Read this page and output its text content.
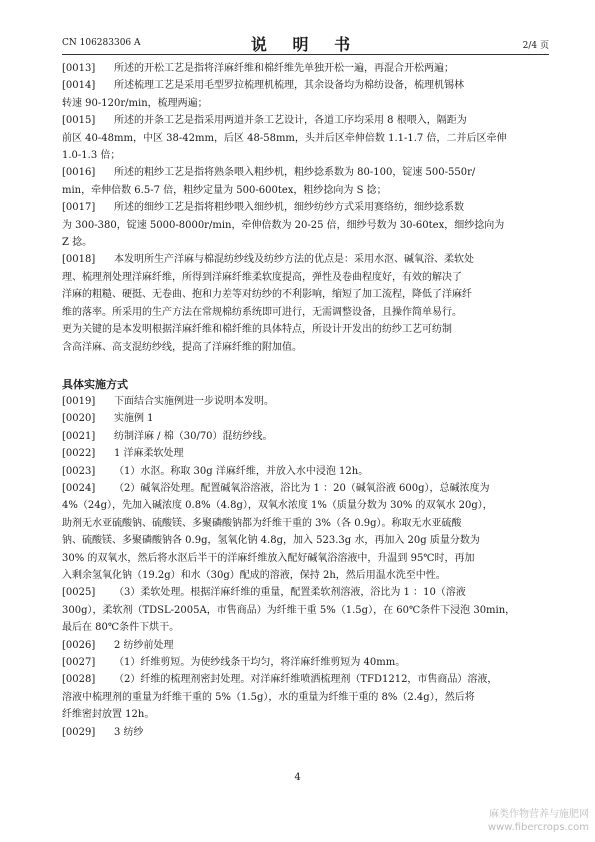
CN 106283306 A	说 明 书	2/4 页

[0013] 所述的开松工艺是指将洋麻纤维和棉纤维先单独开松一遍，再混合开松两遍；

[0014] 所述梳理工艺是采用毛型罗拉梳理机梳理，其余设备均为棉纺设备，梳理机锡林

转速 90-120r/min，梳理两遍；

[0015] 所述的并条工艺是指采用两道并条工艺设计，各道工序均采用 8 根喂入，隔距为

前区 40-48mm，中区 38-42mm，后区 48-58mm，头并后区牵伸倍数 1.1-1.7 倍，二并后区牵伸

1.0-1.3 倍；

[0016] 所述的粗纱工艺是指将熟条喂入粗纱机，粗纱捻系数为 80-100，锭速 500-550r/

min，牵伸倍数 6.5-7 倍，粗纱定量为 500-600tex，粗纱捻向为 S 捻；

[0017] 所述的细纱工艺是指将粗纱喂入细纱机，细纱纺纱方式采用赛络纺，细纱捻系数

为 300-380，锭速 5000-8000r/min，牵伸倍数为 20-25 倍，细纱号数为 30-60tex，细纱捻向为

Z 捻。

[0018] 本发明所生产洋麻与棉混纺纱线及纺纱方法的优点是：采用水沤、碱氧浴、柔软处

理、梳理剂处理洋麻纤维，所得到洋麻纤维柔软度提高，弹性及卷曲程度好，有效的解决了

洋麻的粗糙、硬挺、无卷曲、抱和力差等对纺纱的不利影响，缩短了加工流程，降低了洋麻纤

维的落率。所采用的生产方法在常规棉纺系统即可进行，无需调整设备，且操作简单易行。

更为关键的是本发明根据洋麻纤维和棉纤维的具体特点，所设计开发出的纺纱工艺可纺制

含高洋麻、高支混纺纱线，提高了洋麻纤维的附加值。

具体实施方式

[0019] 下面结合实施例进一步说明本发明。

[0020] 实施例 1

[0021] 纺制洋麻 / 棉（30/70）混纺纱线。

[0022] 1 洋麻柔软处理

[0023] （1）水沤。称取 30g 洋麻纤维，并放入水中浸泡 12h。

[0024] （2）碱氧浴处理。配置碱氧浴溶液，浴比为 1 ：20（碱氧浴液 600g），总碱浓度为

4%（24g），先加入碱浓度 0.8%（4.8g），双氧水浓度 1%（质量分数为 30% 的双氧水 20g），

助剂无水亚硫酸钠、硫酸镁、多聚磷酸钠都为纤维干重的 3%（各 0.9g）。称取无水亚硫酸

钠、硫酸镁、多聚磷酸钠各 0.9g，氢氧化钠 4.8g，加入 523.3g 水，再加入 20g 质量分数为

30% 的双氧水，然后将水沤后半干的洋麻纤维放入配好碱氧浴溶液中，升温到 95℃时，再加

入剩余氢氧化钠（19.2g）和水（30g）配成的溶液，保持 2h，然后用温水洗至中性。

[0025] （3）柔软处理。根据洋麻纤维的重量，配置柔软剂溶液，浴比为 1 ：10（溶液

300g），柔软剂（TDSL-2005A，市售商品）为纤维干重 5%（1.5g），在 60℃条件下浸泡 30min，

最后在 80℃条件下烘干。

[0026] 2 纺纱前处理

[0027] （1）纤维剪短。为使纱线条干均匀，将洋麻纤维剪短为 40mm。

[0028] （2）纤维的梳理剂密封处理。对洋麻纤维喷洒梳理剂（TFD1212，市售商品）溶液，

溶液中梳理剂的重量为纤维干重的 5%（1.5g），水的重量为纤维干重的 8%（2.4g），然后将

纤维密封放置 12h。

[0029] 3 纺纱

4
麻类作物营养与施肥网
www.fibercrops.com
